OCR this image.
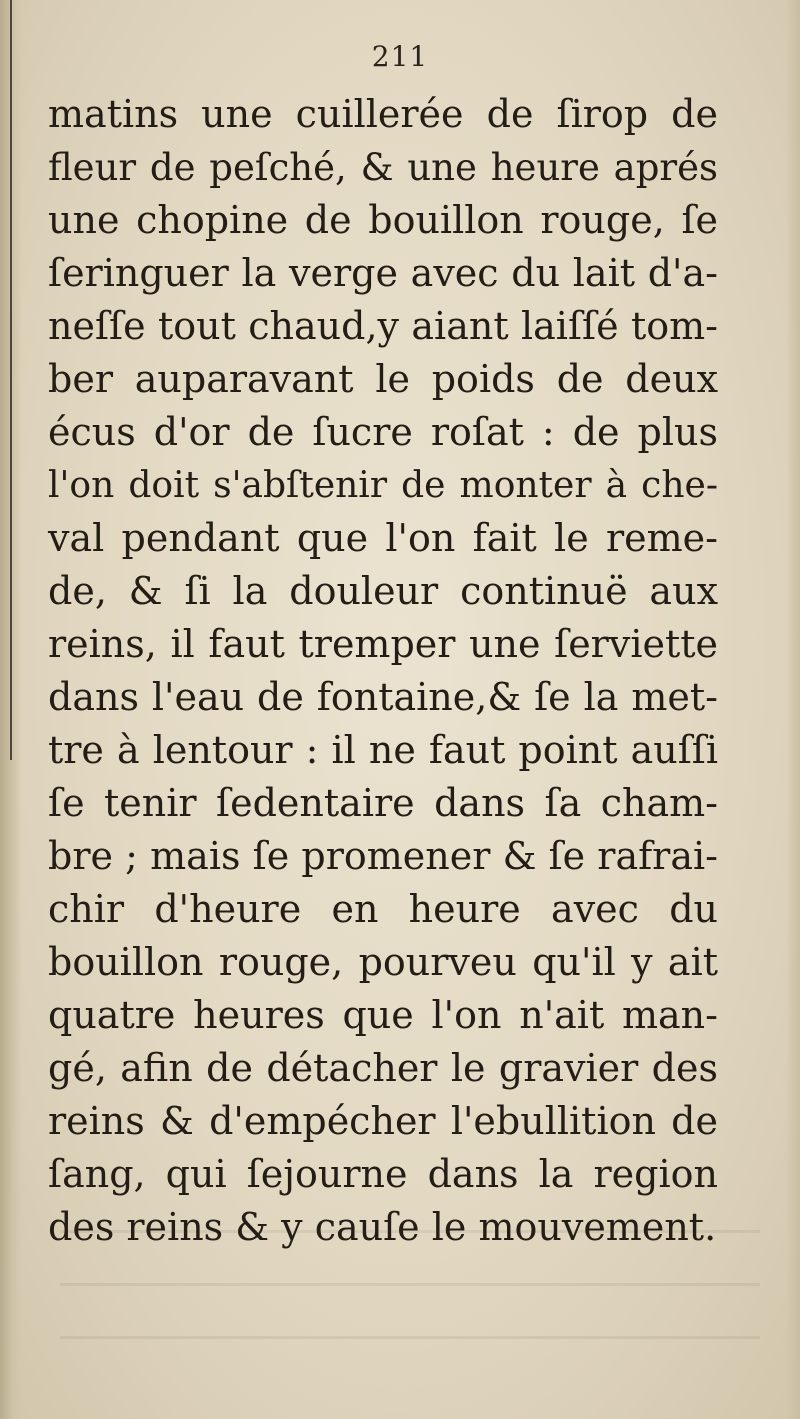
211
matins une cuillerée de ſirop de
fleur de peſché, & une heure aprés
une chopine de bouillon rouge, ſe
ſeringuer la verge avec du lait d'a-
neſſe tout chaud,y aiant laiſſé tom-
ber auparavant le poids de deux
écus d'or de ſucre roſat : de plus
l'on doit s'abſtenir de monter à che-
val pendant que l'on fait le reme-
de, & ſi la douleur continuë aux
reins, il faut tremper une ſerviette
dans l'eau de fontaine,& ſe la met-
tre à lentour : il ne faut point auſſi
ſe tenir ſedentaire dans ſa cham-
bre ; mais ſe promener & ſe rafrai-
chir d'heure en heure avec du
bouillon rouge, pourveu qu'il y ait
quatre heures que l'on n'ait man-
gé, afin de détacher le gravier des
reins & d'empécher l'ebullition de
ſang, qui ſejourne dans la region
des reins & y cauſe le mouvement.
